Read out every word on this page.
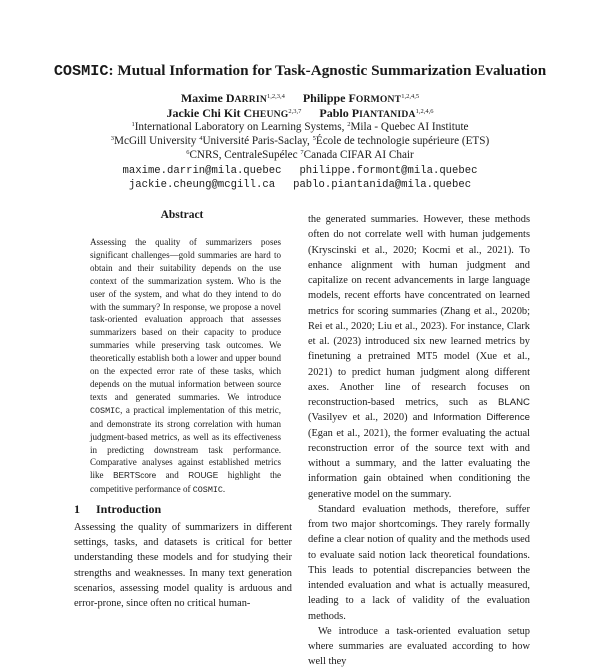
COSMIC: Mutual Information for Task-Agnostic Summarization Evaluation
Maxime DARRIN$^{1,2,3,4}$ Philippe FORMONT$^{1,2,4,5}$
Jackie Chi Kit CHEUNG$^{2,3,7}$ Pablo PIANTANIDA$^{1,2,4,6}$
$^1$International Laboratory on Learning Systems, $^2$Mila - Quebec AI Institute
$^3$McGill University $^4$Université Paris-Saclay, $^5$École de technologie supérieure (ETS)
$^6$CNRS, CentraleSupélec $^7$Canada CIFAR AI Chair
maxime.darrin@mila.quebec philippe.formont@mila.quebec
jackie.cheung@mcgill.ca pablo.piantanida@mila.quebec
Abstract
Assessing the quality of summarizers poses significant challenges—gold summaries are hard to obtain and their suitability depends on the use context of the summarization system. Who is the user of the system, and what do they intend to do with the summary? In response, we propose a novel task-oriented evaluation approach that assesses summarizers based on their capacity to produce summaries while preserving task outcomes. We theoretically establish both a lower and upper bound on the expected error rate of these tasks, which depends on the mutual information between source texts and generated summaries. We introduce COSMIC, a practical implementation of this metric, and demonstrate its strong correlation with human judgment-based metrics, as well as its effectiveness in predicting downstream task performance. Comparative analyses against established metrics like BERTScore and ROUGE highlight the competitive performance of COSMIC.
1 Introduction
Assessing the quality of summarizers in different settings, tasks, and datasets is critical for better understanding these models and for studying their strengths and weaknesses. In many text generation scenarios, assessing model quality is arduous and error-prone, since often no critical human-

the generated summaries. However, these methods often do not correlate well with human judgements (Kryscinski et al., 2020; Kocmi et al., 2021). To enhance alignment with human judgment and capitalize on recent advancements in large language models, recent efforts have concentrated on learned metrics for scoring summaries (Zhang et al., 2020b; Rei et al., 2020; Liu et al., 2023). For instance, Clark et al. (2023) introduced six new learned metrics by finetuning a pretrained MT5 model (Xue et al., 2021) to predict human judgment along different axes. Another line of research focuses on reconstruction-based metrics, such as BLANC (Vasilyev et al., 2020) and Information Difference (Egan et al., 2021), the former evaluating the actual reconstruction error of the source text with and without a summary, and the latter evaluating the information gain obtained when conditioning the generative model on the summary.

Standard evaluation methods, therefore, suffer from two major shortcomings. They rarely formally define a clear notion of quality and the methods used to evaluate said notion lack theoretical foundations. This leads to potential discrepancies between the intended evaluation and what is actually measured, leading to a lack of validity of the evaluation methods.

We introduce a task-oriented evaluation setup where summaries are evaluated according to how well they
